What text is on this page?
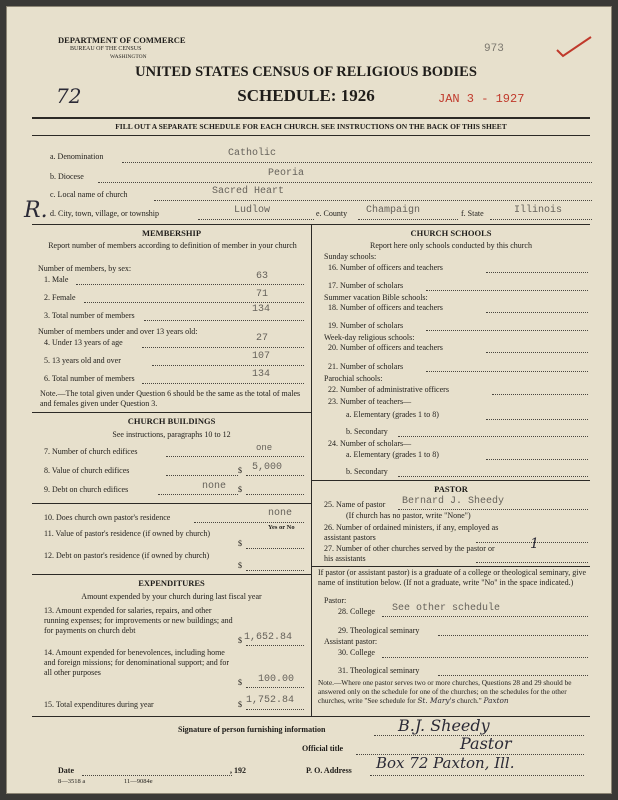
DEPARTMENT OF COMMERCE
BUREAU OF THE CENSUS
WASHINGTON
973
UNITED STATES CENSUS OF RELIGIOUS BODIES
SCHEDULE: 1926
72	JAN 3 - 1927
FILL OUT A SEPARATE SCHEDULE FOR EACH CHURCH. SEE INSTRUCTIONS ON THE BACK OF THIS SHEET
a. Denomination	Catholic
b. Diocese	Peoria
c. Local name of church	Sacred Heart
R. d. City, town, village, or township	Ludlow	e. County Champaign	f. State	Illinois
MEMBERSHIP
Report number of members according to definition of member in your church
Number of members, by sex:
1. Male	63
2. Female	71
3. Total number of members
134
Number of members under and over 13 years old:
4. Under 13 years of age	27
5. 13 years old and over	107
6. Total number of members	134
Note.—The total given under Question 6 should be the same as the total of males and females given under Question 3.
CHURCH BUILDINGS
See instructions, paragraphs 10 to 12
7. Number of church edifices	one
8. Value of church edifices	$ 5,000
9. Debt on church edifices	$
none
10. Does church own pastor's residence	none
Yes or No
11. Value of pastor's residence (if owned by church)
$
12. Debt on pastor's residence (if owned by church)
$
EXPENDITURES
Amount expended by your church during last fiscal year
13. Amount expended for salaries, repairs, and other running expenses; for improvements or new buildings; and for payments on church debt
$ 1,652.84
14. Amount expended for benevolences, including home and foreign missions; for denominational support; and for all other purposes
$ 100.00
15. Total expenditures during year	$ 1,752.84
CHURCH SCHOOLS
Report here only schools conducted by this church
Sunday schools:
16. Number of officers and teachers
17. Number of scholars
Summer vacation Bible schools:
18. Number of officers and teachers
19. Number of scholars
Week-day religious schools:
20. Number of officers and teachers
21. Number of scholars
Parochial schools:
22. Number of administrative officers
23. Number of teachers—
a. Elementary (grades 1 to 8)
b. Secondary
24. Number of scholars—
a. Elementary (grades 1 to 8)
b. Secondary
PASTOR
25. Name of pastor Bernard J. Sheedy
(If church has no pastor, write "None")
26. Number of ordained ministers, if any, employed as assistant pastors
27. Number of other churches served by the pastor or his assistants
1
If pastor (or assistant pastor) is a graduate of a college or theological seminary, give name of institution below. (If not a graduate, write "No" in the space indicated.)
Pastor:
28. College See other schedule
29. Theological seminary
Assistant pastor:
30. College
31. Theological seminary
Note.—Where one pastor serves two or more churches, Questions 28 and 29 should be answered only on the schedule for one of the churches; on the schedules for the other churches, write "See schedule for St. Mary's church." Paxton
Signature of person furnishing information	B.J. Sheedy
Official title	Pastor
Date	, 192	P. O. Address Box 72 Paxton, Ill.
8—3518 a	11—9084e
